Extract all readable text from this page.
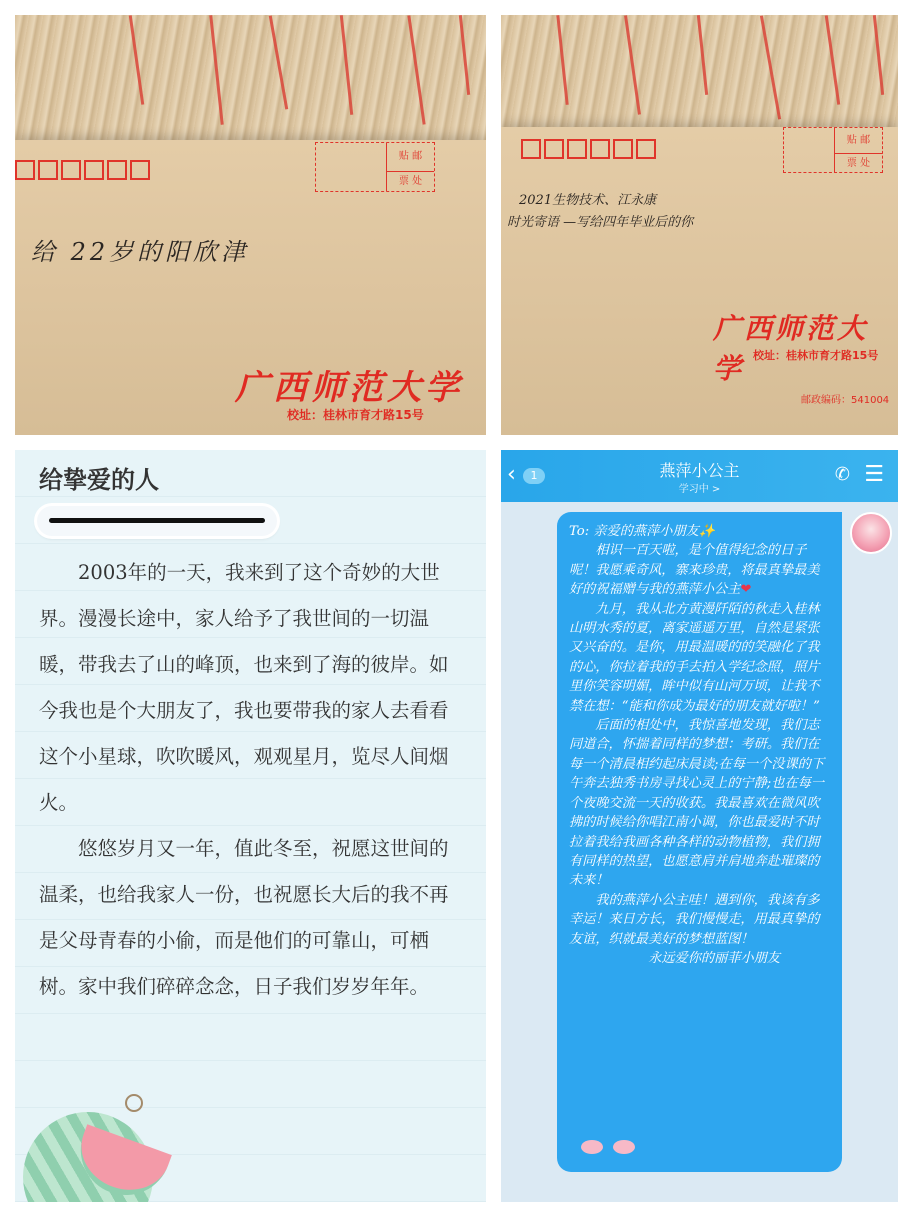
贴 邮
票 处
给 22岁的阳欣津
广西师范大学
校址：桂林市育才路15号
贴 邮
票 处
2021生物技术、江永康
时光寄语 —写给四年毕业后的你
广西师范大学 校址：桂林市育才路15号
邮政编码：541004
给挚爱的人

2003年的一天，我来到了这个奇妙的大世界。漫漫长途中，家人给予了我世间的一切温暖，带我去了山的峰顶，也来到了海的彼岸。如今我也是个大朋友了，我也要带我的家人去看看这个小星球，吹吹暖风，观观星月，览尽人间烟火。

悠悠岁月又一年，值此冬至，祝愿这世间的温柔，也给我家人一份，也祝愿长大后的我不再是父母青春的小偷，而是他们的可靠山，可栖树。家中我们碎碎念念，日子我们岁岁年年。

‹	1	燕萍小公主
学习中 >
✆ ☰

To: 亲爱的燕萍小朋友✨

相识一百天啦，是个值得纪念的日子呢！我愿乘奇风，寨来珍贵，将最真挚最美好的祝福赠与我的燕萍小公主❤

九月，我从北方黄漫阡陌的秋走入桂林山明水秀的夏，离家遥遥万里，自然是紧张又兴奋的。是你，用最温暖的的笑融化了我的心，你拉着我的手去拍入学纪念照，照片里你笑容明媚，眸中似有山河万顷，让我不禁在想：“能和你成为最好的朋友就好啦！”

后面的相处中，我惊喜地发现，我们志同道合，怀揣着同样的梦想：考研。我们在每一个清晨相约起床晨读;在每一个没课的下午奔去独秀书房寻找心灵上的宁静;也在每一个夜晚交流一天的收获。我最喜欢在微风吹拂的时候给你唱江南小调，你也最爱时不时拉着我给我画各种各样的动物植物，我们拥有同样的热望，也愿意肩并肩地奔赴璀璨的未来！

我的燕萍小公主哇！遇到你，我该有多幸运！来日方长，我们慢慢走，用最真挚的友谊，织就最美好的梦想蓝图！

永远爱你的丽菲小朋友
